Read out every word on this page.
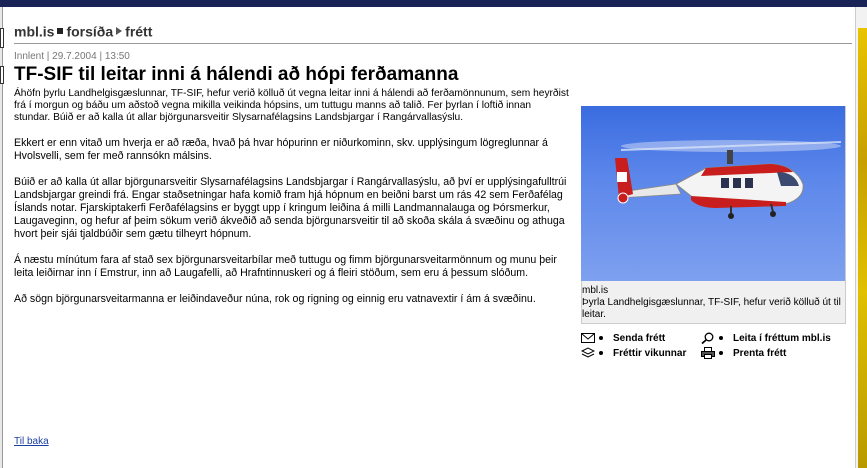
mbl.is forsíða frétt
Innlent | 29.7.2004 | 13:50
TF-SIF til leitar inni á hálendi að hópi ferðamanna

Áhöfn þyrlu Landhelgisgæslunnar, TF-SIF, hefur verið kölluð út vegna leitar inni á hálendi að ferðamönnunum, sem heyrðist frá í morgun og báðu um aðstoð vegna mikilla veikinda hópsins, um tuttugu manns að talið. Fer þyrlan í loftið innan stundar. Búið er að kalla út allar björgunarsveitir Slysarnafélagsins Landsbjargar í Rangárvallasýslu.

Ekkert er enn vitað um hverja er að ræða, hvað þá hvar hópurinn er niðurkominn, skv. upplýsingum lögreglunnar á Hvolsvelli, sem fer með rannsókn málsins.

Búið er að kalla út allar björgunarsveitir Slysarnafélagsins Landsbjargar í Rangárvallasýslu, að því er upplýsingafulltrúi Landsbjargar greindi frá. Engar staðsetningar hafa komið fram hjá hópnum en beiðni barst um rás 42 sem Ferðafélag Íslands notar. Fjarskiptakerfi Ferðafélagsins er byggt upp í kringum leiðina á milli Landmannalauga og Þórsmerkur, Laugaveginn, og hefur af þeim sökum verið ákveðið að senda björgunarsveitir til að skoða skála á svæðinu og athuga hvort þeir sjái tjaldbúðir sem gætu tilheyrt hópnum.

Á næstu mínútum fara af stað sex björgunarsveitarbílar með tuttugu og fimm björgunarsveitarmönnum og munu þeir leita leiðirnar inn í Emstrur, inn að Laugafelli, að Hrafntinnuskeri og á fleiri stöðum, sem eru á þessum slóðum.

Að sögn björgunarsveitarmanna er leiðindaveður núna, rok og rigning og einnig eru vatnavextir í ám á svæðinu.

Til baka
mbl.is
Þyrla Landhelgisgæslunnar, TF-SIF, hefur verið kölluð út til leitar.
Senda frétt	Leita í fréttum mbl.is
Fréttir vikunnar	Prenta frétt
